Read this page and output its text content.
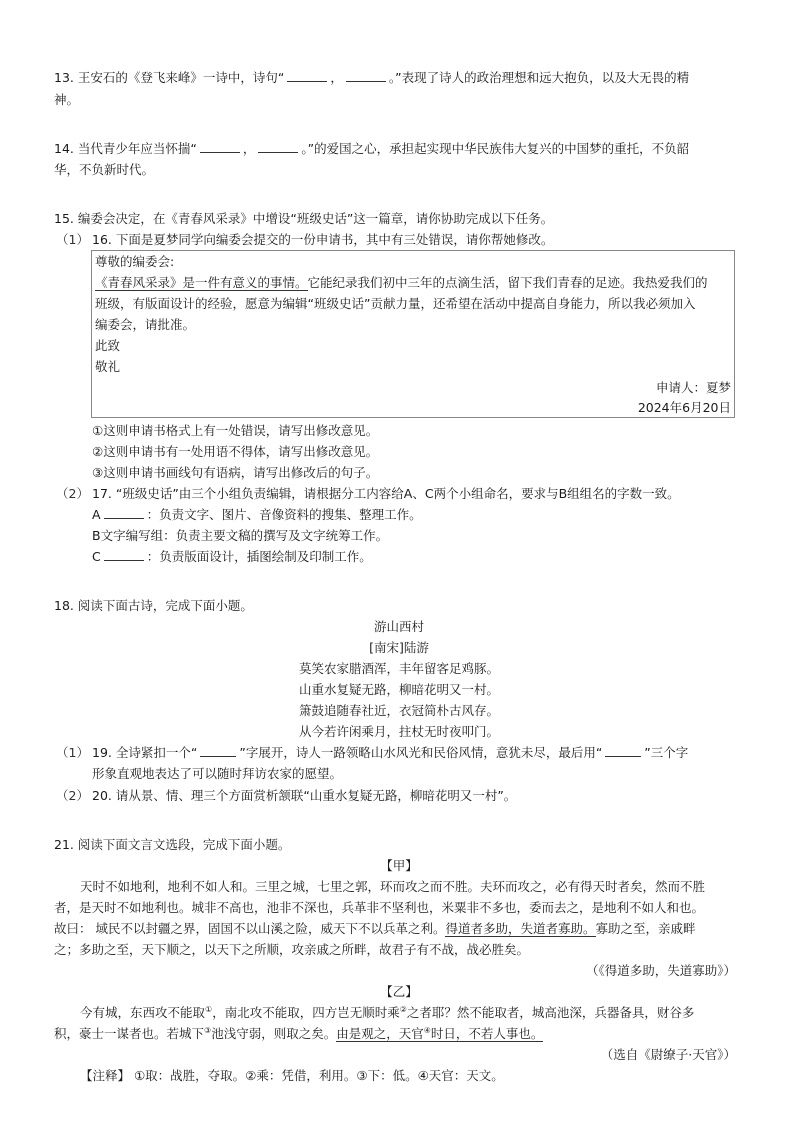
13. 王安石的《登飞来峰》一诗中，诗句“	，	。”表现了诗人的政治理想和远大抱负，以及大无畏的精
神。
14. 当代青少年应当怀揣“	，	。”的爱国之心，承担起实现中华民族伟大复兴的中国梦的重托，不负韶
华，不负新时代。
15. 编委会决定，在《青春风采录》中增设“班级史话”这一篇章，请你协助完成以下任务。
（1） 16. 下面是夏梦同学向编委会提交的一份申请书，其中有三处错误，请你帮她修改。
尊敬的编委会:
《青春风采录》是一件有意义的事情。它能纪录我们初中三年的点滴生活，留下我们青春的足迹。我热爱我们的
班级，有版面设计的经验，愿意为编辑“班级史话”贡献力量，还希望在活动中提高自身能力，所以我必须加入
编委会，请批准。
此致
敬礼
申请人：夏梦
2024年6月20日
①这则申请书格式上有一处错误，请写出修改意见。
②这则申请书有一处用语不得体，请写出修改意见。
③这则申请书画线句有语病，请写出修改后的句子。
（2） 17. “班级史话”由三个小组负责编辑，请根据分工内容给A、C两个小组命名，要求与B组组名的字数一致。
A	：负责文字、图片、音像资料的搜集、整理工作。
B文字编写组：负责主要文稿的撰写及文字统筹工作。
C	：负责版面设计，插图绘制及印制工作。
18. 阅读下面古诗，完成下面小题。
游山西村
[南宋]陆游
莫笑农家腊酒浑，丰年留客足鸡豚。
山重水复疑无路，柳暗花明又一村。
箫鼓追随春社近，衣冠简朴古风存。
从今若许闲乘月，拄杖无时夜叩门。
（1） 19. 全诗紧扣一个“	”字展开，诗人一路领略山水风光和民俗风情，意犹未尽，最后用“	”三个字
形象直观地表达了可以随时拜访农家的愿望。
（2） 20. 请从景、情、理三个方面赏析颔联“山重水复疑无路，柳暗花明又一村”。
21. 阅读下面文言文选段，完成下面小题。
【甲】
天时不如地利，地利不如人和。三里之城，七里之郭，环而攻之而不胜。夫环而攻之，必有得天时者矣，然而不胜
者，是天时不如地利也。城非不高也，池非不深也，兵革非不坚利也，米粟非不多也，委而去之，是地利不如人和也。
故曰： 域民不以封疆之界，固国不以山溪之险，威天下不以兵革之利。得道者多助，失道者寡助。寡助之至，亲戚畔
之；多助之至，天下顺之，以天下之所顺，攻亲戚之所畔，故君子有不战，战必胜矣。
（《得道多助，失道寡助》）
【乙】
今有城，东西攻不能取①，南北攻不能取，四方岂无顺时乘②之者耶？然不能取者，城高池深，兵器备具，财谷多
积，豪士一谋者也。若城下③池浅守弱，则取之矣。由是观之，天官④时日，不若人事也。
（选自《尉缭子·天官》）
【注释】 ①取：战胜，夺取。②乘：凭借，利用。③下：低。④天官：天文。
